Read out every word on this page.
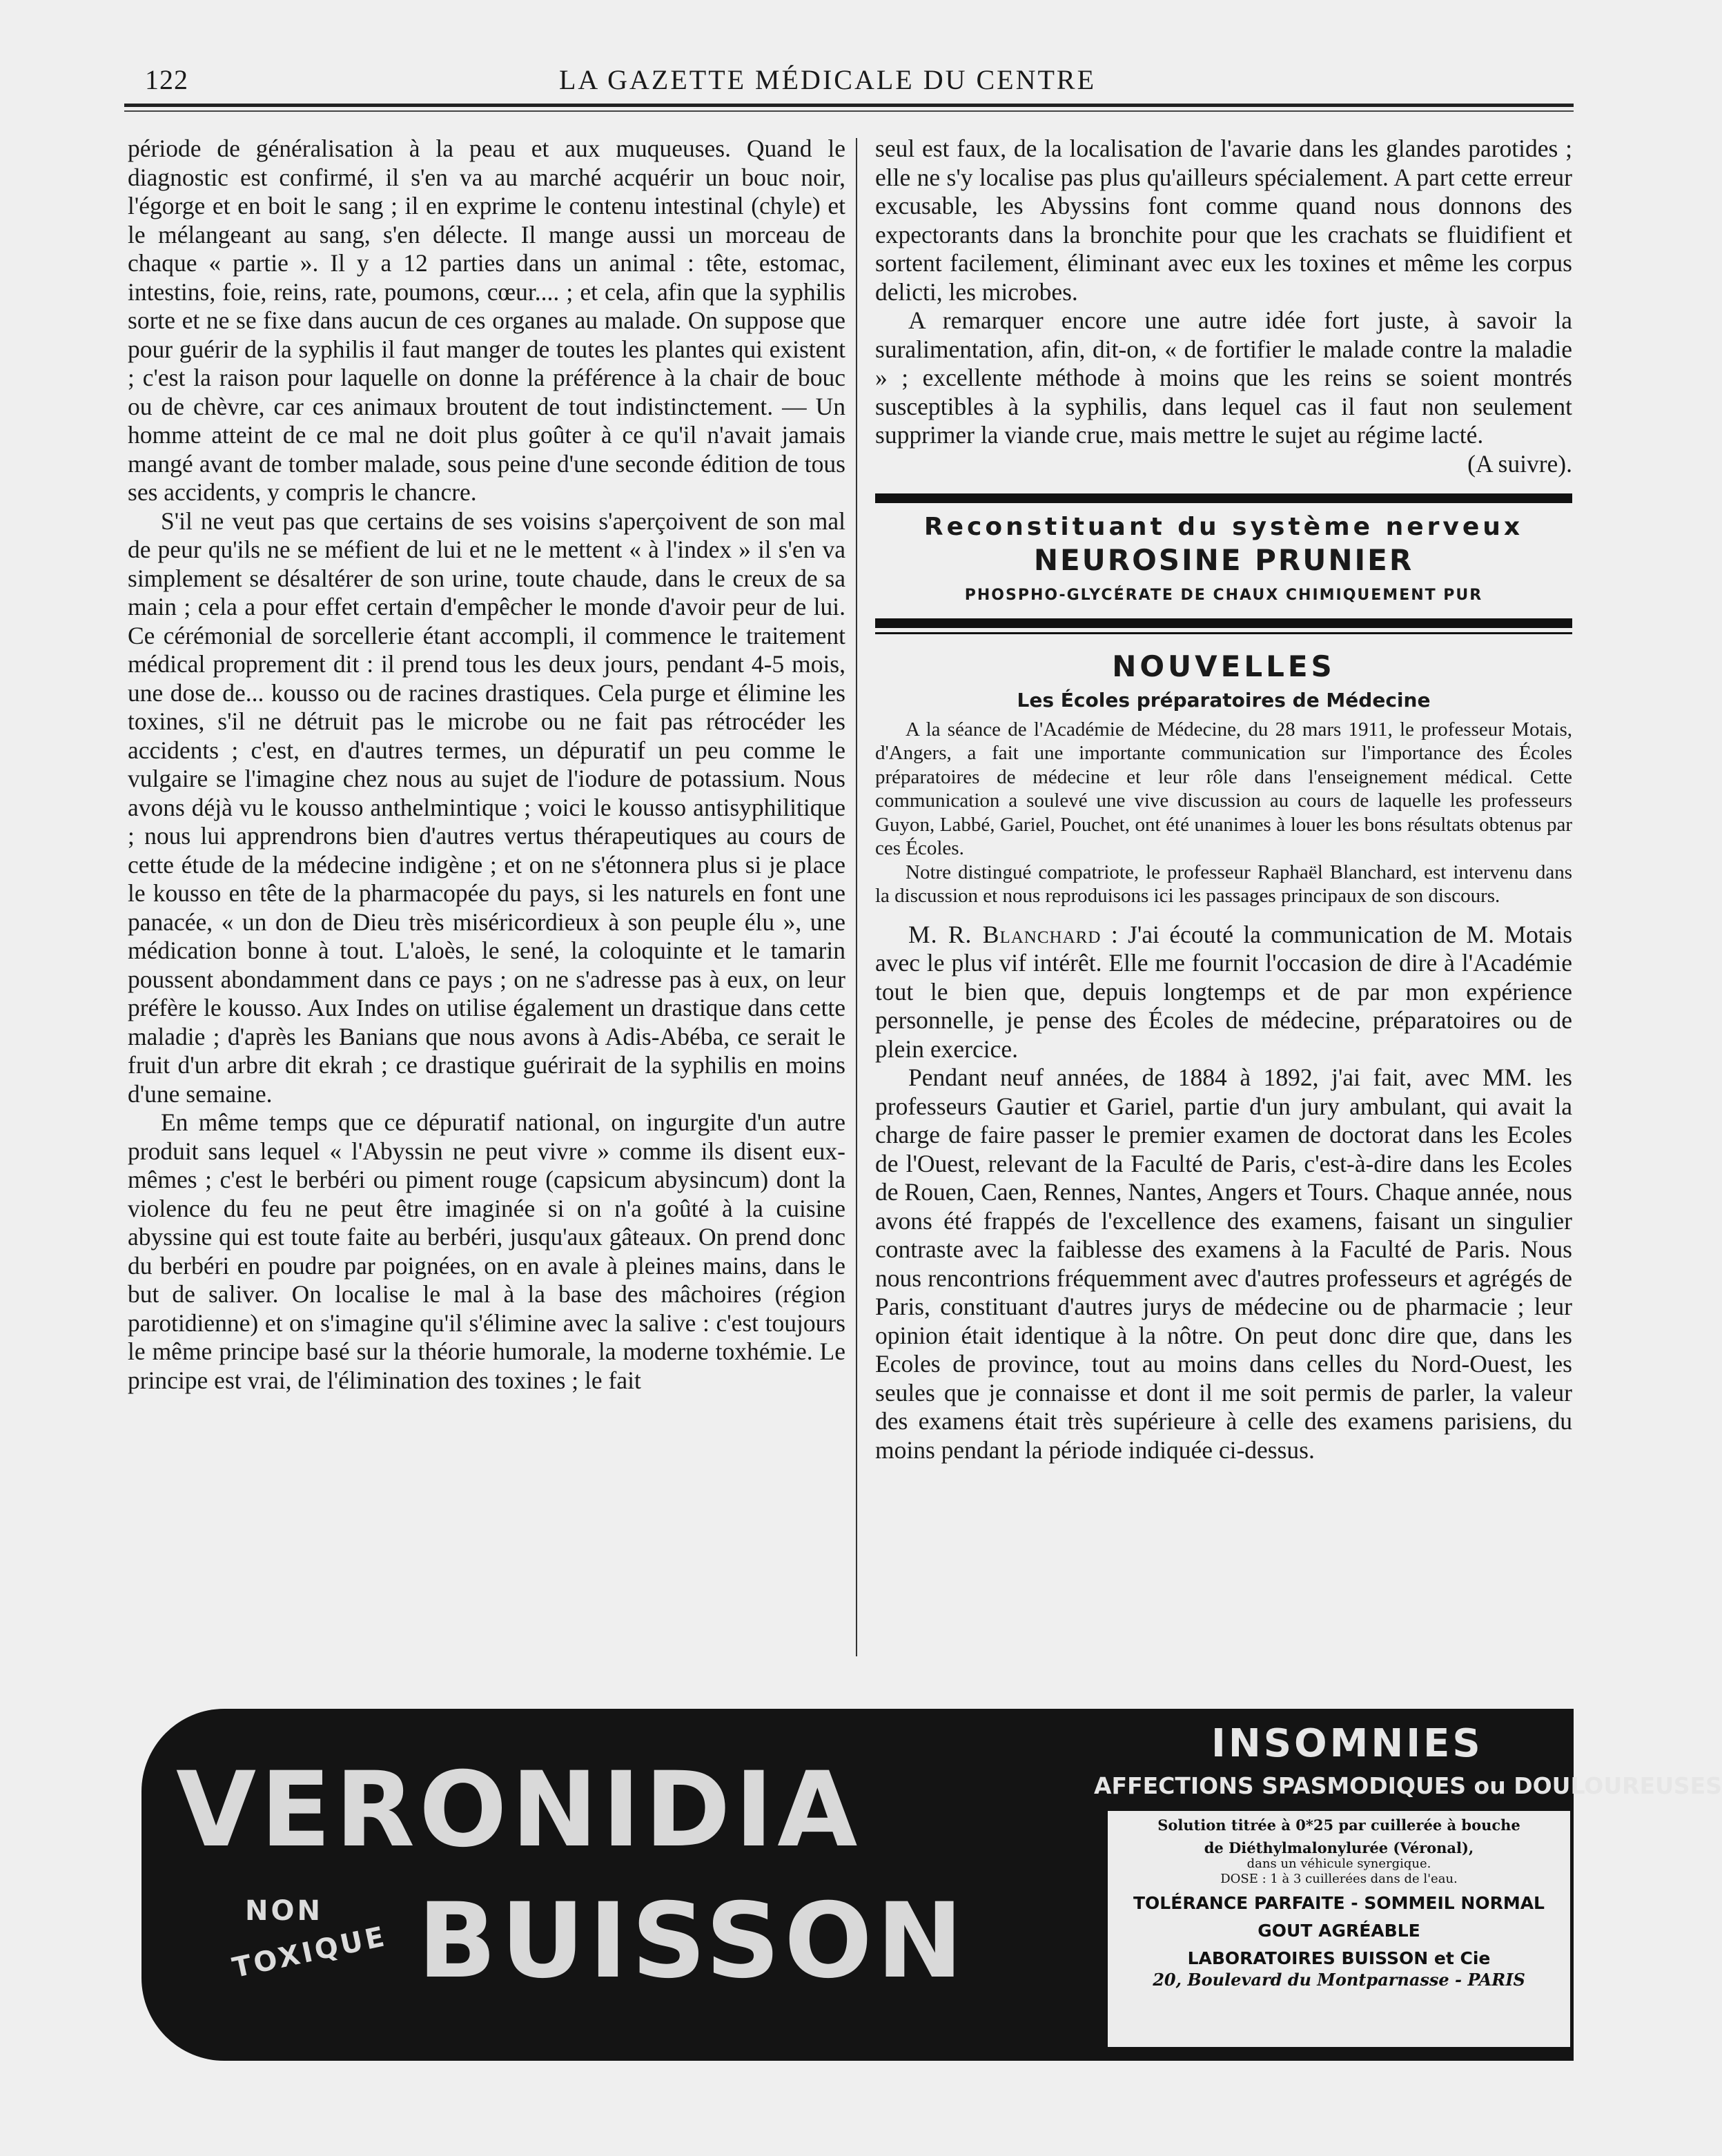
122	LA GAZETTE MÉDICALE DU CENTRE

période de généralisation à la peau et aux muqueuses. Quand le diagnostic est confirmé, il s'en va au marché acquérir un bouc noir, l'égorge et en boit le sang ; il en exprime le contenu intestinal (chyle) et le mélangeant au sang, s'en délecte. Il mange aussi un morceau de chaque « partie ». Il y a 12 parties dans un animal : tête, estomac, intestins, foie, reins, rate, poumons, cœur.... ; et cela, afin que la syphilis sorte et ne se fixe dans aucun de ces organes au malade. On suppose que pour guérir de la syphilis il faut manger de toutes les plantes qui existent ; c'est la raison pour laquelle on donne la préférence à la chair de bouc ou de chèvre, car ces animaux broutent de tout indistinctement. — Un homme atteint de ce mal ne doit plus goûter à ce qu'il n'avait jamais mangé avant de tomber malade, sous peine d'une seconde édition de tous ses accidents, y compris le chancre.

S'il ne veut pas que certains de ses voisins s'aperçoivent de son mal de peur qu'ils ne se méfient de lui et ne le mettent « à l'index » il s'en va simplement se désaltérer de son urine, toute chaude, dans le creux de sa main ; cela a pour effet certain d'empêcher le monde d'avoir peur de lui. Ce cérémonial de sorcellerie étant accompli, il commence le traitement médical proprement dit : il prend tous les deux jours, pendant 4-5 mois, une dose de... kousso ou de racines drastiques. Cela purge et élimine les toxines, s'il ne détruit pas le microbe ou ne fait pas rétrocéder les accidents ; c'est, en d'autres termes, un dépuratif un peu comme le vulgaire se l'imagine chez nous au sujet de l'iodure de potassium. Nous avons déjà vu le kousso anthelmintique ; voici le kousso antisyphilitique ; nous lui apprendrons bien d'autres vertus thérapeutiques au cours de cette étude de la médecine indigène ; et on ne s'étonnera plus si je place le kousso en tête de la pharmacopée du pays, si les naturels en font une panacée, « un don de Dieu très miséricordieux à son peuple élu », une médication bonne à tout. L'aloès, le sené, la coloquinte et le tamarin poussent abondamment dans ce pays ; on ne s'adresse pas à eux, on leur préfère le kousso. Aux Indes on utilise également un drastique dans cette maladie ; d'après les Banians que nous avons à Adis-Abéba, ce serait le fruit d'un arbre dit ekrah ; ce drastique guérirait de la syphilis en moins d'une semaine.

En même temps que ce dépuratif national, on ingurgite d'un autre produit sans lequel « l'Abyssin ne peut vivre » comme ils disent eux-mêmes ; c'est le berbéri ou piment rouge (capsicum abysincum) dont la violence du feu ne peut être imaginée si on n'a goûté à la cuisine abyssine qui est toute faite au berbéri, jusqu'aux gâteaux. On prend donc du berbéri en poudre par poignées, on en avale à pleines mains, dans le but de saliver. On localise le mal à la base des mâchoires (région parotidienne) et on s'imagine qu'il s'élimine avec la salive : c'est toujours le même principe basé sur la théorie humorale, la moderne toxhémie. Le principe est vrai, de l'élimination des toxines ; le fait

seul est faux, de la localisation de l'avarie dans les glandes parotides ; elle ne s'y localise pas plus qu'ailleurs spécialement. A part cette erreur excusable, les Abyssins font comme quand nous donnons des expectorants dans la bronchite pour que les crachats se fluidifient et sortent facilement, éliminant avec eux les toxines et même les corpus delicti, les microbes.

A remarquer encore une autre idée fort juste, à savoir la suralimentation, afin, dit-on, « de fortifier le malade contre la maladie » ; excellente méthode à moins que les reins se soient montrés susceptibles à la syphilis, dans lequel cas il faut non seulement supprimer la viande crue, mais mettre le sujet au régime lacté.

(A suivre).
Reconstituant du système nerveux
NEUROSINE PRUNIER
PHOSPHO-GLYCÉRATE DE CHAUX CHIMIQUEMENT PUR
NOUVELLES
Les Écoles préparatoires de Médecine

A la séance de l'Académie de Médecine, du 28 mars 1911, le professeur Motais, d'Angers, a fait une importante communication sur l'importance des Écoles préparatoires de médecine et leur rôle dans l'enseignement médical. Cette communication a soulevé une vive discussion au cours de laquelle les professeurs Guyon, Labbé, Gariel, Pouchet, ont été unanimes à louer les bons résultats obtenus par ces Écoles.

Notre distingué compatriote, le professeur Raphaël Blanchard, est intervenu dans la discussion et nous reproduisons ici les passages principaux de son discours.

M. R. Blanchard : J'ai écouté la communication de M. Motais avec le plus vif intérêt. Elle me fournit l'occasion de dire à l'Académie tout le bien que, depuis longtemps et de par mon expérience personnelle, je pense des Écoles de médecine, préparatoires ou de plein exercice.

Pendant neuf années, de 1884 à 1892, j'ai fait, avec MM. les professeurs Gautier et Gariel, partie d'un jury ambulant, qui avait la charge de faire passer le premier examen de doctorat dans les Ecoles de l'Ouest, relevant de la Faculté de Paris, c'est-à-dire dans les Ecoles de Rouen, Caen, Rennes, Nantes, Angers et Tours. Chaque année, nous avons été frappés de l'excellence des examens, faisant un singulier contraste avec la faiblesse des examens à la Faculté de Paris. Nous nous rencontrions fréquemment avec d'autres professeurs et agrégés de Paris, constituant d'autres jurys de médecine ou de pharmacie ; leur opinion était identique à la nôtre. On peut donc dire que, dans les Ecoles de province, tout au moins dans celles du Nord-Ouest, les seules que je connaisse et dont il me soit permis de parler, la valeur des examens était très supérieure à celle des examens parisiens, du moins pendant la période indiquée ci-dessus.

VERONIDIA
BUISSON
NON
TOXIQUE
INSOMNIES
AFFECTIONS SPASMODIQUES ou DOULOUREUSES
Solution titrée à 0*25 par cuillerée à bouche
de Diéthylmalonylurée (Véronal),
dans un véhicule synergique.
DOSE : 1 à 3 cuillerées dans de l'eau.
TOLÉRANCE PARFAITE - SOMMEIL NORMAL
GOUT AGRÉABLE
LABORATOIRES BUISSON et Cie
20, Boulevard du Montparnasse - PARIS
